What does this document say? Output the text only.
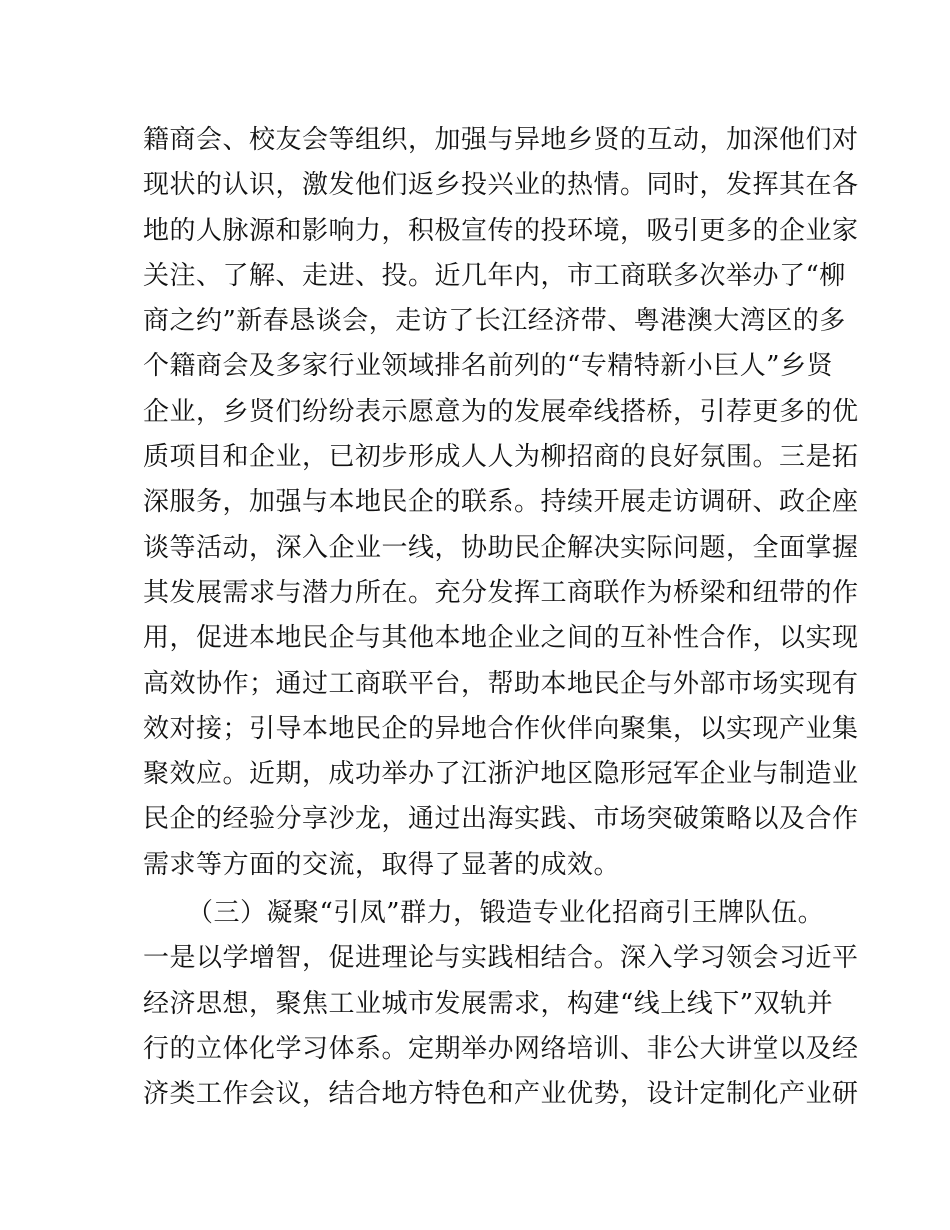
籍商会、校友会等组织，加强与异地乡贤的互动，加深他们对
现状的认识，激发他们返乡投兴业的热情。同时，发挥其在各
地的人脉源和影响力，积极宣传的投环境，吸引更多的企业家
关注、了解、走进、投。近几年内，市工商联多次举办了“柳
商之约”新春恳谈会，走访了长江经济带、粤港澳大湾区的多
个籍商会及多家行业领域排名前列的“专精特新小巨人”乡贤
企业，乡贤们纷纷表示愿意为的发展牵线搭桥，引荐更多的优
质项目和企业，已初步形成人人为柳招商的良好氛围。三是拓
深服务，加强与本地民企的联系。持续开展走访调研、政企座
谈等活动，深入企业一线，协助民企解决实际问题，全面掌握
其发展需求与潜力所在。充分发挥工商联作为桥梁和纽带的作
用，促进本地民企与其他本地企业之间的互补性合作，以实现
高效协作；通过工商联平台，帮助本地民企与外部市场实现有
效对接；引导本地民企的异地合作伙伴向聚集，以实现产业集
聚效应。近期，成功举办了江浙沪地区隐形冠军企业与制造业
民企的经验分享沙龙，通过出海实践、市场突破策略以及合作
需求等方面的交流，取得了显著的成效。
（三）凝聚“引凤”群力，锻造专业化招商引王牌队伍。
一是以学增智，促进理论与实践相结合。深入学习领会习近平
经济思想，聚焦工业城市发展需求，构建“线上线下”双轨并
行的立体化学习体系。定期举办网络培训、非公大讲堂以及经
济类工作会议，结合地方特色和产业优势，设计定制化产业研
